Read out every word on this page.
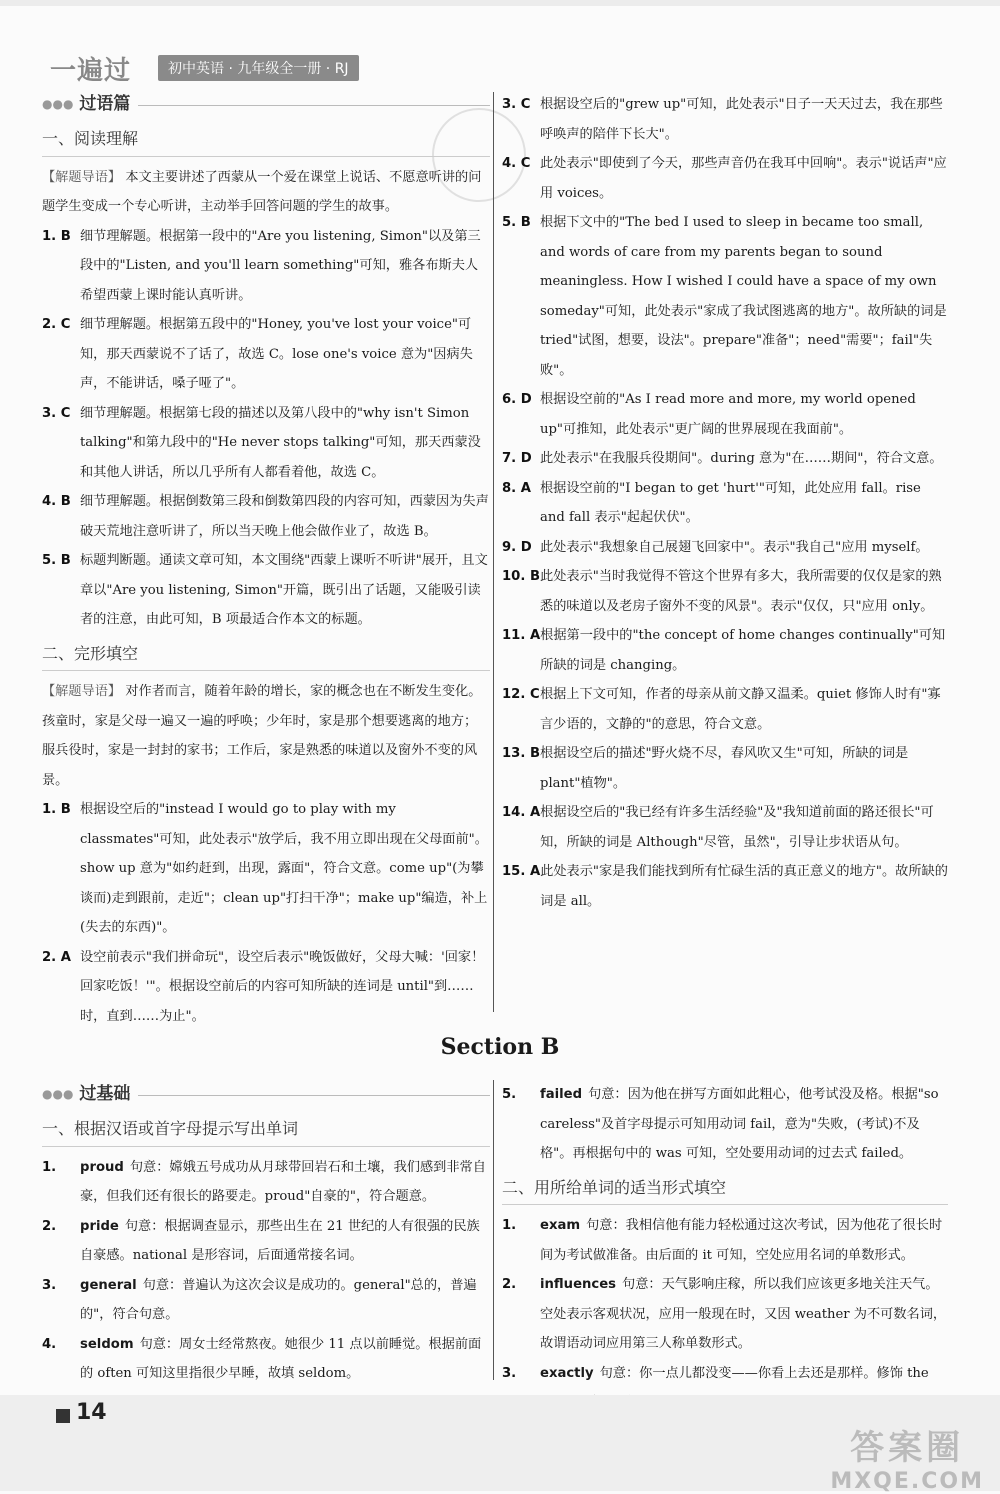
一遍过	初中英语 · 九年级全一册 · RJ
●●● 过语篇
一、阅读理解
【解题导语】 本文主要讲述了西蒙从一个爱在课堂上说话、不愿意听讲的问题学生变成一个专心听讲，主动举手回答问题的学生的故事。
1. B 细节理解题。根据第一段中的"Are you listening, Simon"以及第三段中的"Listen, and you'll learn something"可知，雅各布斯夫人希望西蒙上课时能认真听讲。
2. C 细节理解题。根据第五段中的"Honey, you've lost your voice"可知，那天西蒙说不了话了，故选 C。lose one's voice 意为"因病失声，不能讲话，嗓子哑了"。
3. C 细节理解题。根据第七段的描述以及第八段中的"why isn't Simon talking"和第九段中的"He never stops talking"可知，那天西蒙没和其他人讲话，所以几乎所有人都看着他，故选 C。
4. B 细节理解题。根据倒数第三段和倒数第四段的内容可知，西蒙因为失声破天荒地注意听讲了，所以当天晚上他会做作业了，故选 B。
5. B 标题判断题。通读文章可知，本文围绕"西蒙上课听不听讲"展开，且文章以"Are you listening, Simon"开篇，既引出了话题，又能吸引读者的注意，由此可知，B 项最适合作本文的标题。
二、完形填空
【解题导语】 对作者而言，随着年龄的增长，家的概念也在不断发生变化。孩童时，家是父母一遍又一遍的呼唤；少年时，家是那个想要逃离的地方；服兵役时，家是一封封的家书；工作后，家是熟悉的味道以及窗外不变的风景。
1. B 根据设空后的"instead I would go to play with my classmates"可知，此处表示"放学后，我不用立即出现在父母面前"。show up 意为"如约赶到，出现，露面"，符合文意。come up"(为攀谈而)走到跟前，走近"；clean up"打扫干净"；make up"编造，补上(失去的东西)"。
2. A 设空前表示"我们拼命玩"，设空后表示"晚饭做好，父母大喊：'回家！回家吃饭！'"。根据设空前后的内容可知所缺的连词是 until"到……时，直到……为止"。
3. C 根据设空后的"grew up"可知，此处表示"日子一天天过去，我在那些呼唤声的陪伴下长大"。
4. C 此处表示"即使到了今天，那些声音仍在我耳中回响"。表示"说话声"应用 voices。
5. B 根据下文中的"The bed I used to sleep in became too small, and words of care from my parents began to sound meaningless. How I wished I could have a space of my own someday"可知，此处表示"家成了我试图逃离的地方"。故所缺的词是 tried"试图，想要，设法"。prepare"准备"；need"需要"；fail"失败"。
6. D 根据设空前的"As I read more and more, my world opened up"可推知，此处表示"更广阔的世界展现在我面前"。
7. D 此处表示"在我服兵役期间"。during 意为"在……期间"，符合文意。
8. A 根据设空前的"I began to get 'hurt'"可知，此处应用 fall。rise and fall 表示"起起伏伏"。
9. D 此处表示"我想象自己展翅飞回家中"。表示"我自己"应用 myself。
10. B 此处表示"当时我觉得不管这个世界有多大，我所需要的仅仅是家的熟悉的味道以及老房子窗外不变的风景"。表示"仅仅，只"应用 only。
11. A 根据第一段中的"the concept of home changes continually"可知所缺的词是 changing。
12. C 根据上下文可知，作者的母亲从前文静又温柔。quiet 修饰人时有"寡言少语的，文静的"的意思，符合文意。
13. B 根据设空后的描述"野火烧不尽，春风吹又生"可知，所缺的词是 plant"植物"。
14. A 根据设空后的"我已经有许多生活经验"及"我知道前面的路还很长"可知，所缺的词是 Although"尽管，虽然"，引导让步状语从句。
15. A 此处表示"家是我们能找到所有忙碌生活的真正意义的地方"。故所缺的词是 all。
Section B
●●● 过基础
一、根据汉语或首字母提示写出单词
1.	proud 句意：嫦娥五号成功从月球带回岩石和土壤，我们感到非常自豪，但我们还有很长的路要走。proud"自豪的"，符合题意。
2.	pride 句意：根据调查显示，那些出生在 21 世纪的人有很强的民族自豪感。national 是形容词，后面通常接名词。
3.	general 句意：普遍认为这次会议是成功的。general"总的，普遍的"，符合句意。
4.	seldom 句意：周女士经常熬夜。她很少 11 点以前睡觉。根据前面的 often 可知这里指很少早睡，故填 seldom。
5.	failed 句意：因为他在拼写方面如此粗心，他考试没及格。根据"so careless"及首字母提示可知用动词 fail，意为"失败，(考试)不及格"。再根据句中的 was 可知，空处要用动词的过去式 failed。
二、用所给单词的适当形式填空
1.	exam 句意：我相信他有能力轻松通过这次考试，因为他花了很长时间为考试做准备。由后面的 it 可知，空处应用名词的单数形式。
2.	influences 句意：天气影响庄稼，所以我们应该更多地关注天气。空处表示客观状况，应用一般现在时，又因 weather 为不可数名词，故谓语动词应用第三人称单数形式。
3.	exactly 句意：你一点儿都没变——你看上去还是那样。修饰 the
14
答案圈
MXQE.COM
